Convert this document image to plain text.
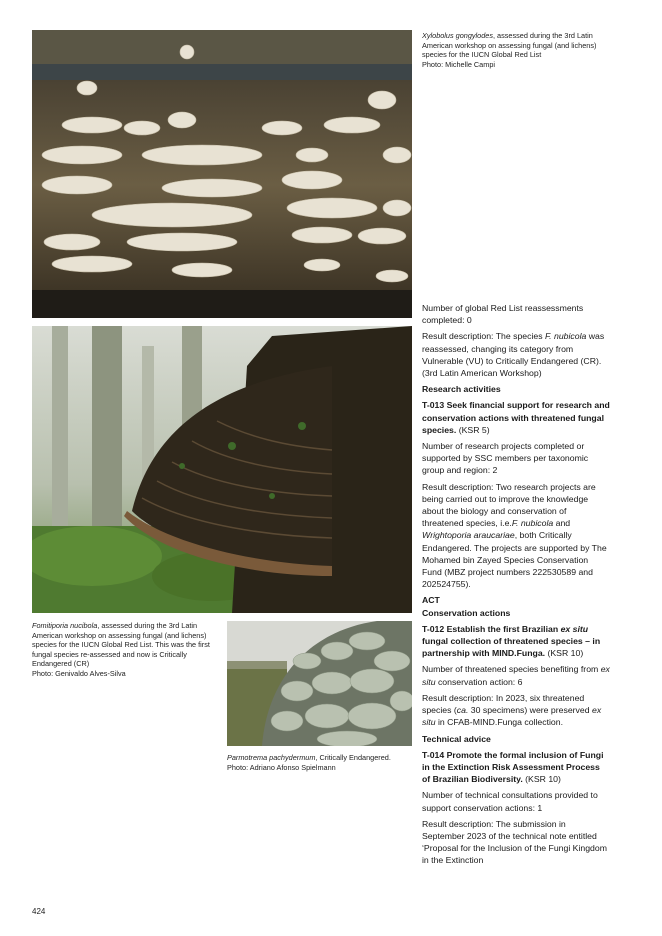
Xylobolus gongylodes, assessed during the 3rd Latin American workshop on assessing fungal (and lichens) species for the IUCN Global Red List
Photo: Michelle Campi
Fomitiporia nucibola, assessed during the 3rd Latin American workshop on assessing fungal (and lichens) species for the IUCN Global Red List. This was the first fungal species re-assessed and now is Critically Endangered (CR)
Photo: Genivaldo Alves-Silva
Parmotrema pachydermum, Critically Endangered.
Photo: Adriano Afonso Spielmann

Number of global Red List reassessments completed: 0

Result description: The species F. nubicola was reassessed, changing its category from Vulnerable (VU) to Critically Endangered (CR). (3rd Latin American Workshop)

Research activities

T-013 Seek financial support for research and conservation actions with threatened fungal species. (KSR 5)

Number of research projects completed or supported by SSC members per taxonomic group and region: 2

Result description: Two research projects are being carried out to improve the knowledge about the biology and conservation of threatened species, i.e.F. nubicola and Wrightoporia araucariae, both Critically Endangered. The projects are supported by The Mohamed bin Zayed Species Conservation Fund (MBZ project numbers 222530589 and 202524755).

ACT
Conservation actions

T-012 Establish the first Brazilian ex situ fungal collection of threatened species – in partnership with MIND.Funga. (KSR 10)

Number of threatened species benefiting from ex situ conservation action: 6

Result description: In 2023, six threatened species (ca. 30 specimens) were preserved ex situ in CFAB-MIND.Funga collection.

Technical advice

T-014 Promote the formal inclusion of Fungi in the Extinction Risk Assessment Process of Brazilian Biodiversity. (KSR 10)

Number of technical consultations provided to support conservation actions: 1

Result description: The submission in September 2023 of the technical note entitled ‘Proposal for the Inclusion of the Fungi Kingdom in the Extinction

424
